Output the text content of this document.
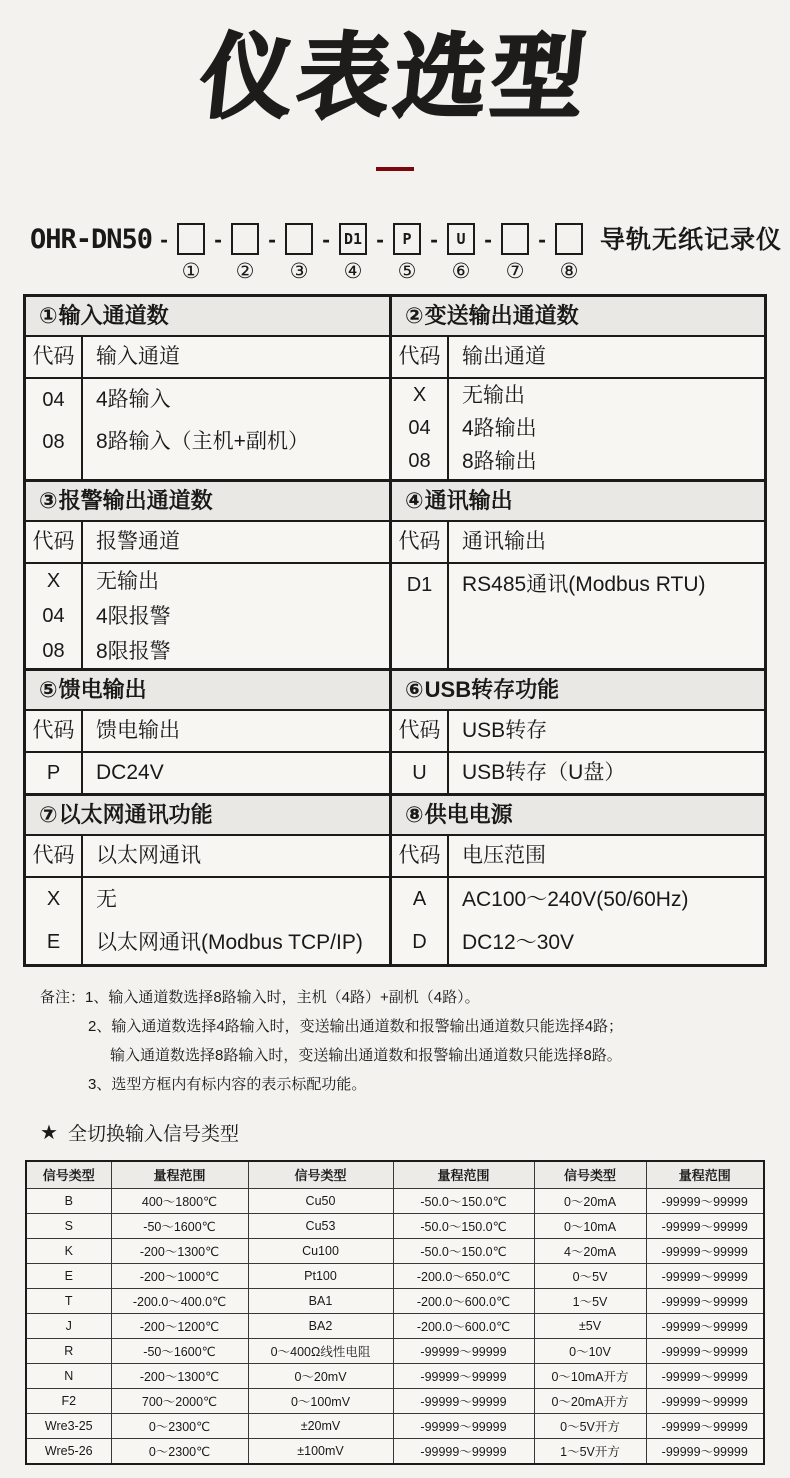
仪表选型
OHR-DN50 -
①
-
②
-
③
- D1
④
-	P
⑤
-	U
⑥
-
⑦
-
⑧
导轨无纸记录仪
① 输入通道数
代码	输入通道
04	4路输入
08	8路输入（主机+副机）
② 变送输出通道数
代码	输出通道
X	无输出
04	4路输出
08	8路输出
③ 报警输出通道数
代码	报警通道
X	无输出
04	4限报警
08	8限报警
④ 通讯输出
代码	通讯输出
D1	RS485通讯(Modbus RTU)
⑤ 馈电输出
代码	馈电输出
P	DC24V
⑥ USB转存功能
代码	USB转存
U	USB转存（U盘）
⑦ 以太网通讯功能
代码	以太网通讯
X	无
E	以太网通讯(Modbus TCP/IP)
⑧ 供电电源
代码	电压范围
A	AC100～240V(50/60Hz)
D	DC12～30V
备注：1、输入通道数选择8路输入时，主机（4路）+副机（4路）。
2、输入通道数选择4路输入时，变送输出通道数和报警输出通道数只能选择4路；
输入通道数选择8路输入时，变送输出通道数和报警输出通道数只能选择8路。
3、选型方框内有标内容的表示标配功能。
★ 全切换输入信号类型
信号类型	量程范围	信号类型	量程范围	信号类型	量程范围
B	400～1800℃	Cu50	-50.0～150.0℃	0～20mA	-99999～99999
S	-50～1600℃	Cu53	-50.0～150.0℃	0～10mA	-99999～99999
K	-200～1300℃	Cu100	-50.0～150.0℃	4～20mA	-99999～99999
E	-200～1000℃	Pt100	-200.0～650.0℃	0～5V	-99999～99999
T	-200.0～400.0℃	BA1	-200.0～600.0℃	1～5V	-99999～99999
J	-200～1200℃	BA2	-200.0～600.0℃	±5V	-99999～99999
R	-50～1600℃	0～400Ω线性电阻	-99999～99999	0～10V	-99999～99999
N	-200～1300℃	0～20mV	-99999～99999	0～10mA开方	-99999～99999
F2	700～2000℃	0～100mV	-99999～99999	0～20mA开方	-99999～99999
Wre3-25	0～2300℃	±20mV	-99999～99999	0～5V开方	-99999～99999
Wre5-26	0～2300℃	±100mV	-99999～99999	1～5V开方	-99999～99999
